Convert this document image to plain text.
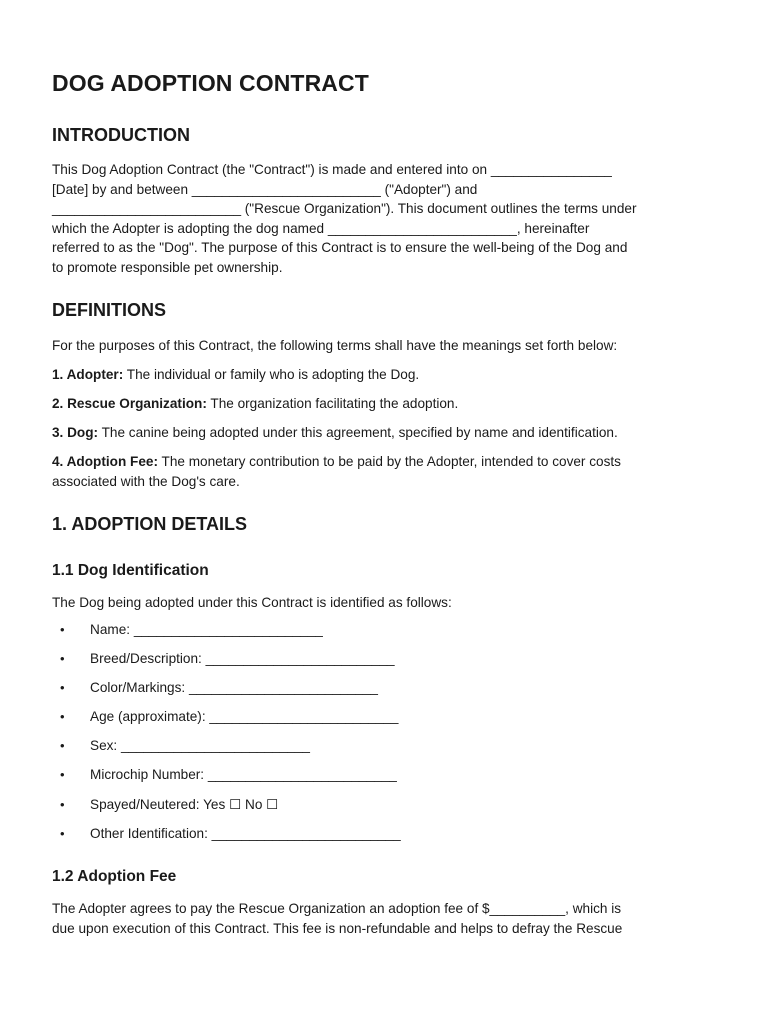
DOG ADOPTION CONTRACT
INTRODUCTION
This Dog Adoption Contract (the "Contract") is made and entered into on ________________
[Date] by and between _________________________ ("Adopter") and
_________________________ ("Rescue Organization"). This document outlines the terms under
which the Adopter is adopting the dog named _________________________, hereinafter
referred to as the "Dog". The purpose of this Contract is to ensure the well-being of the Dog and
to promote responsible pet ownership.
DEFINITIONS
For the purposes of this Contract, the following terms shall have the meanings set forth below:
1. Adopter: The individual or family who is adopting the Dog.
2. Rescue Organization: The organization facilitating the adoption.
3. Dog: The canine being adopted under this agreement, specified by name and identification.
4. Adoption Fee: The monetary contribution to be paid by the Adopter, intended to cover costs
associated with the Dog's care.
1. ADOPTION DETAILS
1.1 Dog Identification
The Dog being adopted under this Contract is identified as follows:
• Name: _________________________
• Breed/Description: _________________________
• Color/Markings: _________________________
• Age (approximate): _________________________
• Sex: _________________________
• Microchip Number: _________________________
• Spayed/Neutered: Yes ☐ No ☐
• Other Identification: _________________________
1.2 Adoption Fee
The Adopter agrees to pay the Rescue Organization an adoption fee of $__________, which is
due upon execution of this Contract. This fee is non-refundable and helps to defray the Rescue
